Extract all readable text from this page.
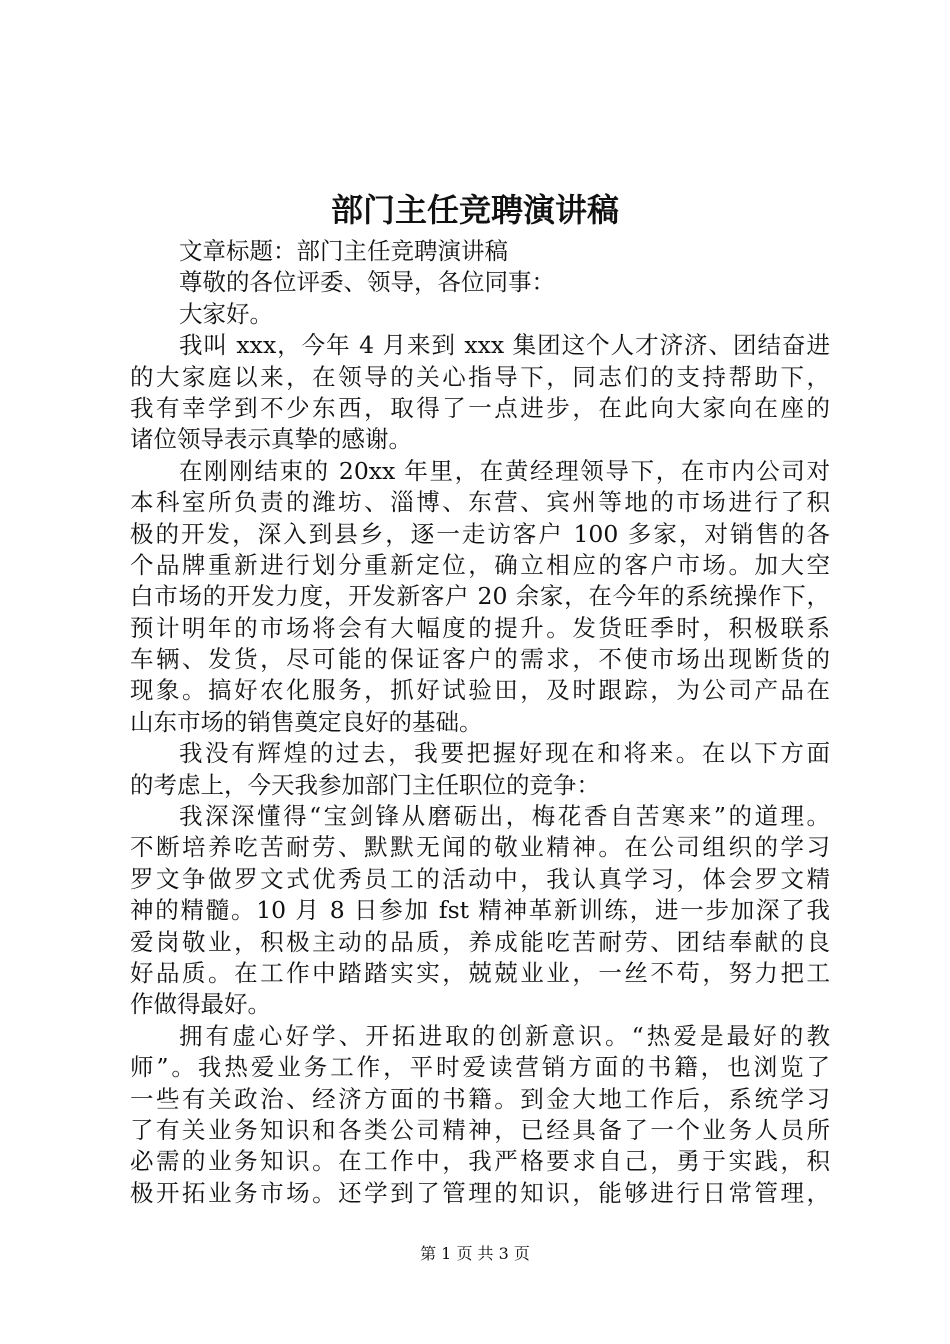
部门主任竞聘演讲稿
文章标题：部门主任竞聘演讲稿
尊敬的各位评委、领导，各位同事：
大家好。
我叫 xxx，今年 4 月来到 xxx 集团这个人才济济、团结奋进
的大家庭以来，在领导的关心指导下，同志们的支持帮助下，
我有幸学到不少东西，取得了一点进步，在此向大家向在座的
诸位领导表示真挚的感谢。
在刚刚结束的 20xx 年里，在黄经理领导下，在市内公司对
本科室所负责的潍坊、淄博、东营、宾州等地的市场进行了积
极的开发，深入到县乡，逐一走访客户 100 多家，对销售的各
个品牌重新进行划分重新定位，确立相应的客户市场。加大空
白市场的开发力度，开发新客户 20 余家，在今年的系统操作下，
预计明年的市场将会有大幅度的提升。发货旺季时，积极联系
车辆、发货，尽可能的保证客户的需求，不使市场出现断货的
现象。搞好农化服务，抓好试验田，及时跟踪，为公司产品在
山东市场的销售奠定良好的基础。
我没有辉煌的过去，我要把握好现在和将来。在以下方面
的考虑上，今天我参加部门主任职位的竞争：
我深深懂得“宝剑锋从磨砺出，梅花香自苦寒来”的道理。
不断培养吃苦耐劳、默默无闻的敬业精神。在公司组织的学习
罗文争做罗文式优秀员工的活动中，我认真学习，体会罗文精
神的精髓。10 月 8 日参加 fst 精神革新训练，进一步加深了我
爱岗敬业，积极主动的品质，养成能吃苦耐劳、团结奉献的良
好品质。在工作中踏踏实实，兢兢业业，一丝不苟，努力把工
作做得最好。
拥有虚心好学、开拓进取的创新意识。“热爱是最好的教
师”。我热爱业务工作，平时爱读营销方面的书籍，也浏览了
一些有关政治、经济方面的书籍。到金大地工作后，系统学习
了有关业务知识和各类公司精神，已经具备了一个业务人员所
必需的业务知识。在工作中，我严格要求自己，勇于实践，积
极开拓业务市场。还学到了管理的知识，能够进行日常管理，
第 1 页 共 3 页
